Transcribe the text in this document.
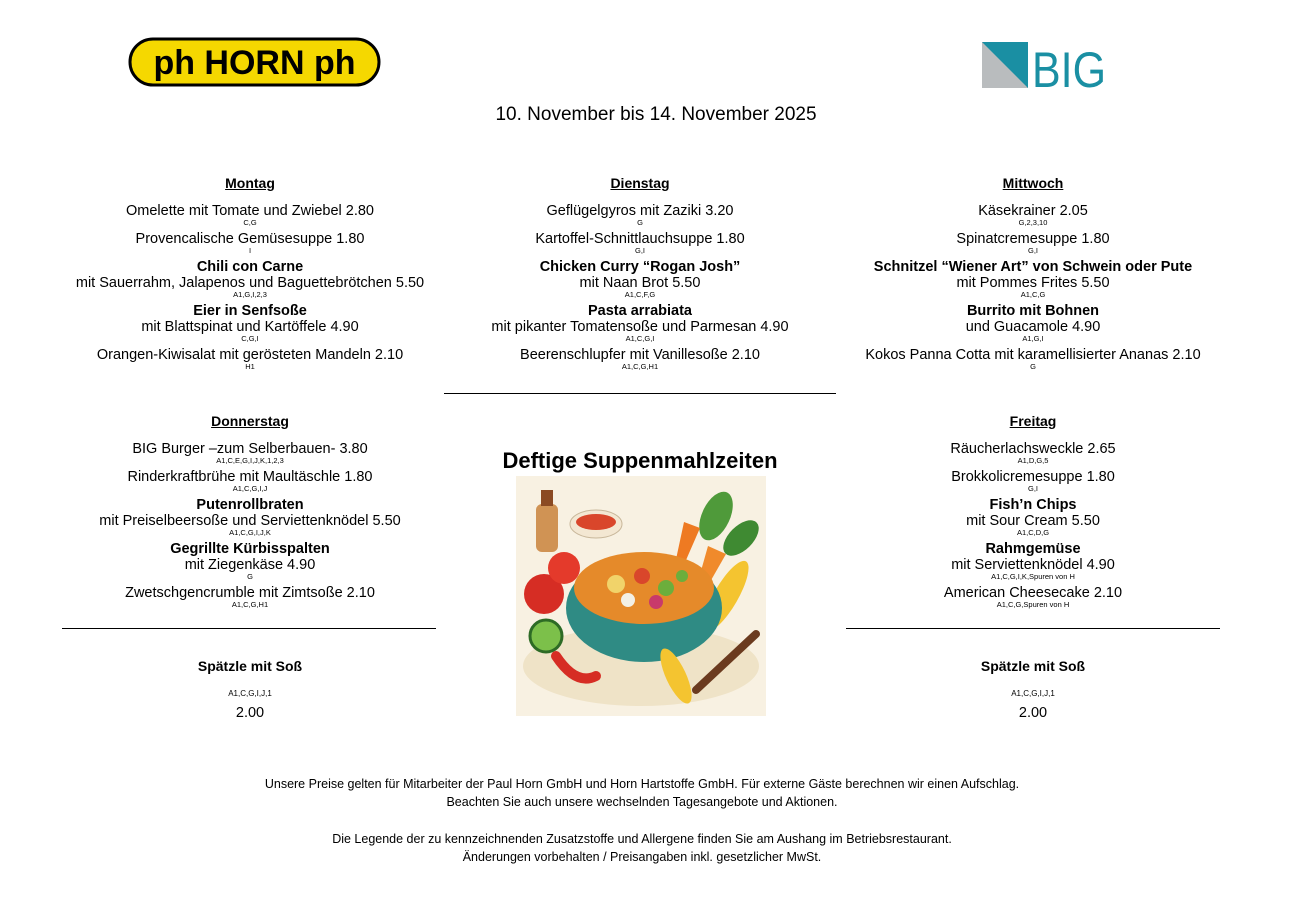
ph HORN ph	BIG
10. November bis 14. November 2025
Montag
Omelette mit Tomate und Zwiebel 2.80
C,G
Provencalische Gemüsesuppe 1.80
I
Chili con Carne
mit Sauerrahm, Jalapenos und Baguettebrötchen 5.50
A1,G,I,2,3
Eier in Senfsoße
mit Blattspinat und Kartöffele 4.90
C,G,I
Orangen-Kiwisalat mit gerösteten Mandeln 2.10
H1
Dienstag
Geflügelgyros mit Zaziki 3.20
G
Kartoffel-Schnittlauchsuppe 1.80
G,I
Chicken Curry “Rogan Josh”
mit Naan Brot 5.50
A1,C,F,G
Pasta arrabiata
mit pikanter Tomatensoße und Parmesan 4.90
A1,C,G,I
Beerenschlupfer mit Vanillesoße 2.10
A1,C,G,H1
Mittwoch
Käsekrainer 2.05
G,2,3,10
Spinatcremesuppe 1.80
G,I
Schnitzel “Wiener Art” von Schwein oder Pute
mit Pommes Frites 5.50
A1,C,G
Burrito mit Bohnen
und Guacamole 4.90
A1,G,I
Kokos Panna Cotta mit karamellisierter Ananas 2.10
G
Donnerstag
BIG Burger –zum Selberbauen- 3.80
A1,C,E,G,I,J,K,1,2,3
Rinderkraftbrühe mit Maultäschle 1.80
A1,C,G,I,J
Putenrollbraten
mit Preiselbeersoße und Serviettenknödel 5.50
A1,C,G,I,J,K
Gegrillte Kürbisspalten
mit Ziegenkäse 4.90
G
Zwetschgencrumble mit Zimtsoße 2.10
A1,C,G,H1
Freitag
Räucherlachsweckle 2.65
A1,D,G,5
Brokkolicremesuppe 1.80
G,I
Fish’n Chips
mit Sour Cream 5.50
A1,C,D,G
Rahmgemüse
mit Serviettenknödel 4.90
A1,C,G,I,K,Spuren von H
American Cheesecake 2.10
A1,C,G,Spuren von H
Deftige Suppenmahlzeiten
Spätzle mit Soß
A1,C,G,I,J,1
2.00
Spätzle mit Soß
A1,C,G,I,J,1
2.00
Unsere Preise gelten für Mitarbeiter der Paul Horn GmbH und Horn Hartstoffe GmbH. Für externe Gäste berechnen wir einen Aufschlag.
Beachten Sie auch unsere wechselnden Tagesangebote und Aktionen.
Die Legende der zu kennzeichnenden Zusatzstoffe und Allergene finden Sie am Aushang im Betriebsrestaurant.
Änderungen vorbehalten / Preisangaben inkl. gesetzlicher MwSt.
